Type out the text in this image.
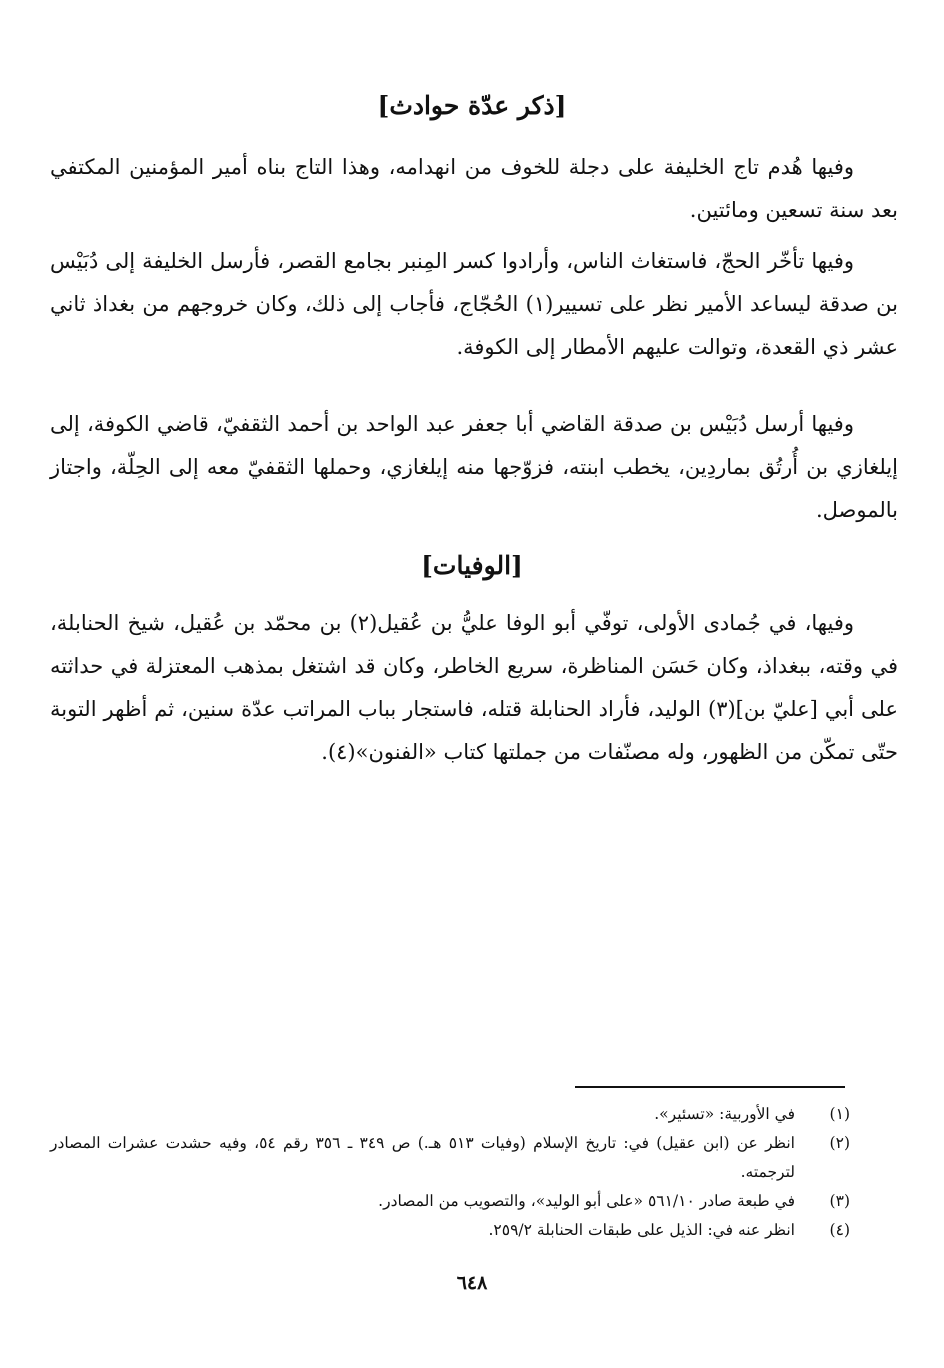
[ذكر عدّة حوادث]

وفيها هُدم تاج الخليفة على دجلة للخوف من انهدامه، وهذا التاج بناه أمير المؤمنين المكتفي بعد سنة تسعين ومائتين.

وفيها تأخّر الحجّ، فاستغاث الناس، وأرادوا كسر المِنبر بجامع القصر، فأرسل الخليفة إلى دُبَيْس بن صدقة ليساعد الأمير نظر على تسيير(١) الحُجّاج، فأجاب إلى ذلك، وكان خروجهم من بغداذ ثاني عشر ذي القعدة، وتوالت عليهم الأمطار إلى الكوفة.

وفيها أرسل دُبَيْس بن صدقة القاضي أبا جعفر عبد الواحد بن أحمد الثقفيّ، قاضي الكوفة، إلى إيلغازي بن أُرتُق بماردِين، يخطب ابنته، فزوّجها منه إيلغازي، وحملها الثقفيّ معه إلى الحِلّة، واجتاز بالموصل.

[الوفيات]

وفيها، في جُمادى الأولى، توفّي أبو الوفا عليُّ بن عُقيل(٢) بن محمّد بن عُقيل، شيخ الحنابلة، في وقته، ببغداذ، وكان حَسَن المناظرة، سريع الخاطر، وكان قد اشتغل بمذهب المعتزلة في حداثته على أبي [عليّ بن](٣) الوليد، فأراد الحنابلة قتله، فاستجار بباب المراتب عدّة سنين، ثم أظهر التوبة حتّى تمكّن من الظهور، وله مصنّفات من جملتها كتاب «الفنون»(٤).

(١)
في الأوربية: «تسئير».
(٢)
انظر عن (ابن عقيل) في: تاريخ الإسلام (وفيات ٥١٣ هـ.) ص ٣٤٩ ـ ٣٥٦ رقم ٥٤، وفيه حشدت عشرات المصادر لترجمته.
(٣)
في طبعة صادر ٥٦١/١٠ «على أبو الوليد»، والتصويب من المصادر.
(٤)
انظر عنه في: الذيل على طبقات الحنابلة ٢٥٩/٢.
٦٤٨
